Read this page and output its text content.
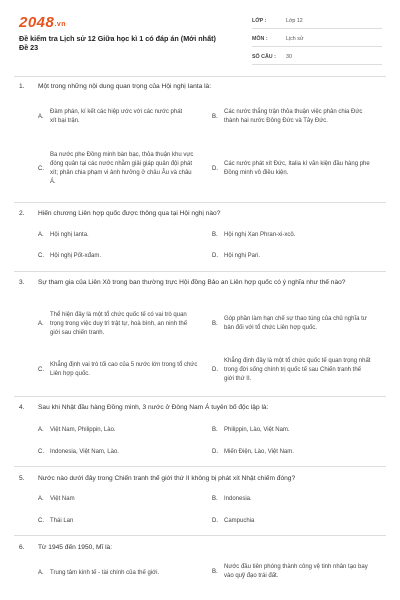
2048.vn
Đề kiểm tra Lịch sử 12 Giữa học kì 1 có đáp án (Mới nhất)
Đề 23
LỚP :	Lớp 12
MÔN :	Lịch sử
SỐ CÂU :	30
1. Một trong những nội dung quan trọng của Hội nghị Ianta là:
A.
Đàm phán, kí kết các hiệp ước với các nước phát xít bại trận.
B.
Các nước thắng trận thỏa thuận việc phân chia Đức thành hai nước Đông Đức và Tây Đức.
C.
Ba nước phe Đồng minh bàn bạc, thỏa thuận khu vực đóng quân tại các nước nhằm giải giáp quân đội phát xít; phân chia phạm vi ảnh hưởng ở châu Âu và châu Á.
D.
Các nước phát xít Đức, Italia kí văn kiện đầu hàng phe Đồng minh vô điều kiện.
2. Hiến chương Liên hợp quốc được thông qua tại Hội nghị nào?
A.	Hội nghị Ianta.	B.	Hội nghị Xan Phran-xi-xcô.
C.	Hội nghị Pốt-xđam.	D.	Hội nghị Pari.
3. Sự tham gia của Liên Xô trong ban thường trực Hội đồng Bảo an Liên hợp quốc có ý nghĩa như thế nào?
A.
Thể hiện đây là một tổ chức quốc tế có vai trò quan trọng trong việc duy trì trật tự, hoà bình, an ninh thế giới sau chiến tranh.
B.
Góp phần làm hạn chế sự thao túng của chủ nghĩa tư bản đối với tổ chức Liên hợp quốc.
C.
Khẳng định vai trò tối cao của 5 nước lớn trong tổ chức Liên hợp quốc.
D.
Khẳng định đây là một tổ chức quốc tế quan trọng nhất trong đời sống chính trị quốc tế sau Chiến tranh thế giới thứ II.
4. Sau khi Nhật đầu hàng Đồng minh, 3 nước ở Đông Nam Á tuyên bố độc lập là:
A.	Việt Nam, Philippin, Lào.	B.	Philippin, Lào, Việt Nam.
C.	Indonesia, Việt Nam, Lào.	D.	Miến Điện, Lào, Việt Nam.
5. Nước nào dưới đây trong Chiến tranh thế giới thứ II không bị phát xít Nhật chiếm đóng?
A.	Việt Nam	B.	Indonesia.
C.	Thái Lan	D.	Campuchia
6. Từ 1945 đến 1950, Mĩ là:
A.	Trung tâm kinh tế - tài chính của thế giới.	B.
Nước đầu tiên phóng thành công vệ tinh nhân tạo bay vào quỹ đạo trái đất.
